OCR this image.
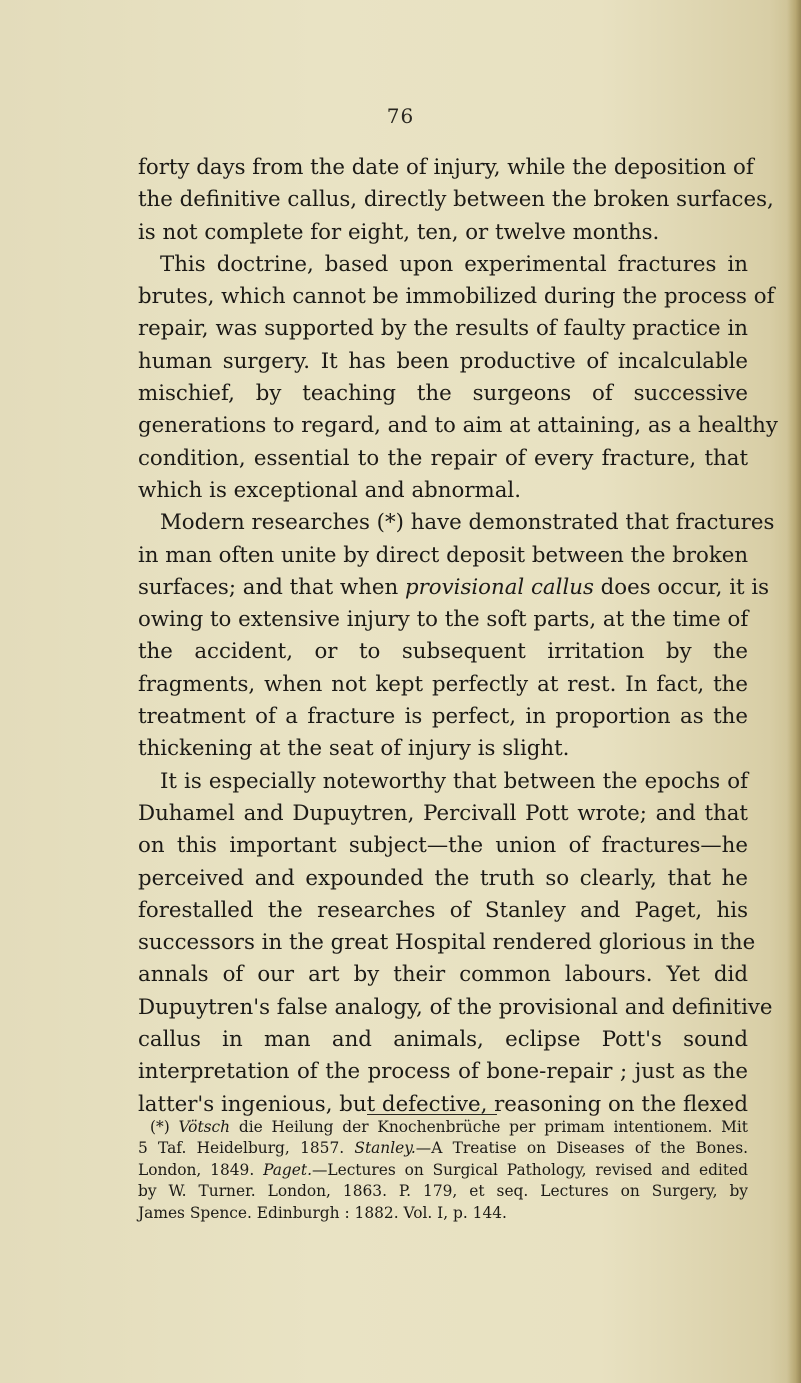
76

forty days from the date of injury, while the deposition of
the definitive callus, directly between the broken surfaces,
is not complete for eight, ten, or twelve months.

This doctrine, based upon experimental fractures in
brutes, which cannot be immobilized during the process of
repair, was supported by the results of faulty practice in
human surgery. It has been productive of incalculable
mischief, by teaching the surgeons of successive
generations to regard, and to aim at attaining, as a healthy
condition, essential to the repair of every fracture, that
which is exceptional and abnormal.

Modern researches (*) have demonstrated that fractures
in man often unite by direct deposit between the broken
surfaces; and that when provisional callus does occur, it is
owing to extensive injury to the soft parts, at the time of
the accident, or to subsequent irritation by the
fragments, when not kept perfectly at rest. In fact, the
treatment of a fracture is perfect, in proportion as the
thickening at the seat of injury is slight.

It is especially noteworthy that between the epochs of
Duhamel and Dupuytren, Percivall Pott wrote; and that
on this important subject—the union of fractures—he
perceived and expounded the truth so clearly, that he
forestalled the researches of Stanley and Paget, his
successors in the great Hospital rendered glorious in the
annals of our art by their common labours. Yet did
Dupuytren's false analogy, of the provisional and definitive
callus in man and animals, eclipse Pott's sound
interpretation of the process of bone-repair ; just as the
latter's ingenious, but defective, reasoning on the flexed

(*) Vötsch die Heilung der Knochenbrüche per primam intentionem. Mit
5 Taf. Heidelburg, 1857. Stanley.—A Treatise on Diseases of the Bones.
London, 1849. Paget.—Lectures on Surgical Pathology, revised and edited
by W. Turner. London, 1863. P. 179, et seq. Lectures on Surgery, by
James Spence. Edinburgh : 1882. Vol. I, p. 144.
